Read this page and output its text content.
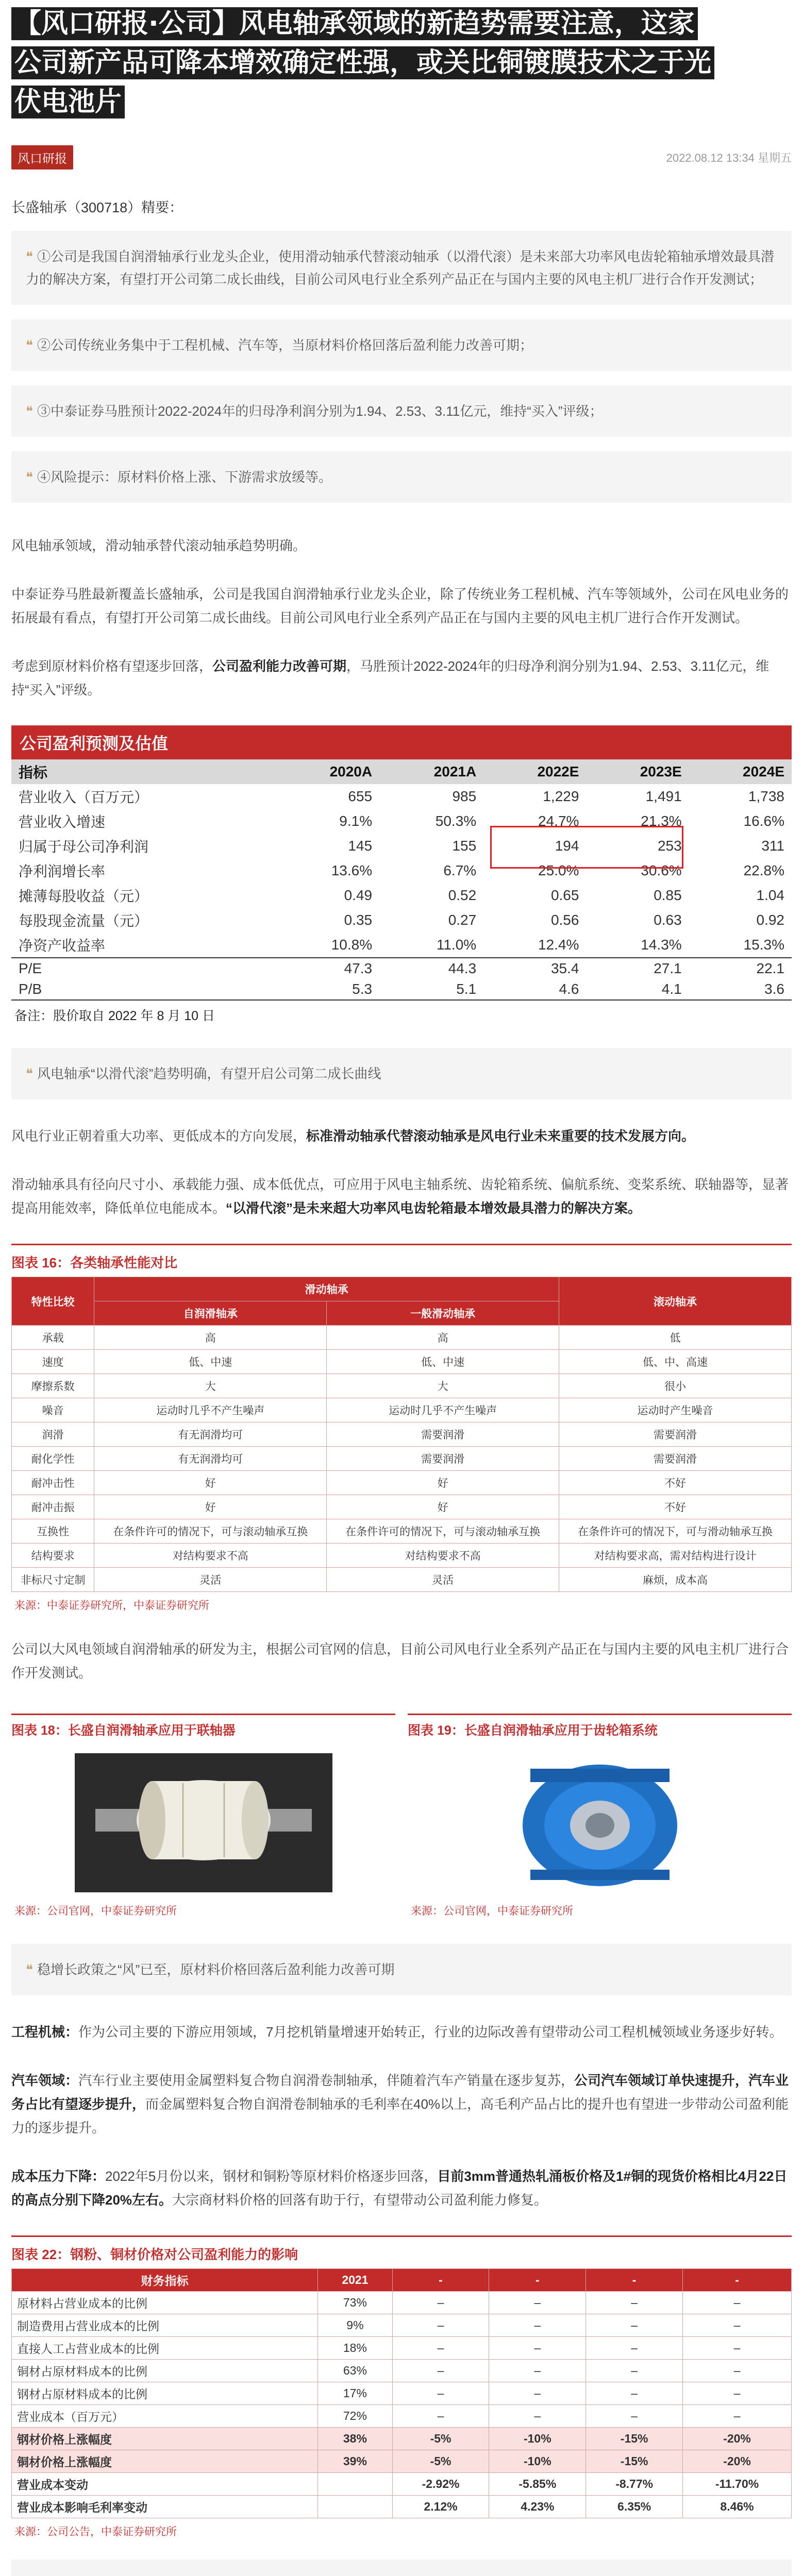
【风口研报·公司】风电轴承领域的新趋势需要注意，这家
公司新产品可降本增效确定性强，或关比铜镀膜技术之于光
伏电池片
风口研报	2022.08.12 13:34 星期五
长盛轴承（300718）精要：
❝ ①公司是我国自润滑轴承行业龙头企业，使用滑动轴承代替滚动轴承（以滑代滚）是未来部大功率风电齿轮箱轴承增效最具潜力的解决方案，有望打开公司第二成长曲线，目前公司风电行业全系列产品正在与国内主要的风电主机厂进行合作开发测试；
❝ ②公司传统业务集中于工程机械、汽车等，当原材料价格回落后盈利能力改善可期；
❝ ③中泰证券马胜预计2022-2024年的归母净利润分别为1.94、2.53、3.11亿元，维持“买入”评级；
❝ ④风险提示：原材料价格上涨、下游需求放缓等。
风电轴承领域，滑动轴承替代滚动轴承趋势明确。
中泰证券马胜最新覆盖长盛轴承，公司是我国自润滑轴承行业龙头企业，除了传统业务工程机械、汽车等领域外，公司在风电业务的拓展最有看点，有望打开公司第二成长曲线。目前公司风电行业全系列产品正在与国内主要的风电主机厂进行合作开发测试。
考虑到原材料价格有望逐步回落，公司盈利能力改善可期，马胜预计2022-2024年的归母净利润分别为1.94、2.53、3.11亿元，维持“买入”评级。
公司盈利预测及估值
指标	2020A	2021A	2022E	2023E	2024E
营业收入（百万元）	655	985	1,229	1,491	1,738
营业收入增速	9.1%	50.3%	24.7%	21.3%	16.6%
归属于母公司净利润	145	155	194	253	311
净利润增长率	13.6%	6.7%	25.0%	30.6%	22.8%
摊薄每股收益（元）	0.49	0.52	0.65	0.85	1.04
每股现金流量（元）	0.35	0.27	0.56	0.63	0.92
净资产收益率	10.8%	11.0%	12.4%	14.3%	15.3%
P/E	47.3	44.3	35.4	27.1	22.1
P/B	5.3	5.1	4.6	4.1	3.6
备注：股价取自 2022 年 8 月 10 日
❝ 风电轴承“以滑代滚”趋势明确，有望开启公司第二成长曲线
风电行业正朝着重大功率、更低成本的方向发展，标准滑动轴承代替滚动轴承是风电行业未来重要的技术发展方向。
滑动轴承具有径向尺寸小、承载能力强、成本低优点，可应用于风电主轴系统、齿轮箱系统、偏航系统、变桨系统、联轴器等，显著提高用能效率，降低单位电能成本。“以滑代滚”是未来超大功率风电齿轮箱最本增效最具潜力的解决方案。
图表 16：各类轴承性能对比
特性比较	滑动轴承		滚动轴承
	自润滑轴承	一般滑动轴承	
承载	高	高	低
速度	低、中速	低、中速	低、中、高速
摩擦系数	大	大	很小
噪音	运动时几乎不产生噪声	运动时几乎不产生噪声	运动时产生噪音
润滑	有无润滑均可	需要润滑	需要润滑
耐化学性	有无润滑均可	需要润滑	需要润滑
耐冲击性	好	好	不好
耐冲击振	好	好	不好
互换性	在条件许可的情况下，可与滚动轴承互换	在条件许可的情况下，可与滚动轴承互换	在条件许可的情况下，可与滑动轴承互换
结构要求	对结构要求不高	对结构要求不高	对结构要求高，需对结构进行设计
非标尺寸定制	灵活	灵活	麻烦，成本高
来源：中泰证券研究所，中泰证券研究所
公司以大风电领域自润滑轴承的研发为主，根据公司官网的信息，目前公司风电行业全系列产品正在与国内主要的风电主机厂进行合作开发测试。
图表 18：长盛自润滑轴承应用于联轴器
来源：公司官网，中泰证券研究所
图表 19：长盛自润滑轴承应用于齿轮箱系统
来源：公司官网，中泰证券研究所
❝ 稳增长政策之“风”已至，原材料价格回落后盈利能力改善可期
工程机械：作为公司主要的下游应用领域，7月挖机销量增速开始转正，行业的边际改善有望带动公司工程机械领域业务逐步好转。
汽车领域：汽车行业主要使用金属塑料复合物自润滑卷制轴承，伴随着汽车产销量在逐步复苏，公司汽车领域订单快速提升，汽车业务占比有望逐步提升，而金属塑料复合物自润滑卷制轴承的毛利率在40%以上，高毛利产品占比的提升也有望进一步带动公司盈利能力的逐步提升。
成本压力下降：2022年5月份以来，钢材和铜粉等原材料价格逐步回落，目前3mm普通热轧涌板价格及1#铜的现货价格相比4月22日的高点分别下降20%左右。大宗商材料价格的回落有助于行，有望带动公司盈利能力修复。
图表 22：钢粉、铜材价格对公司盈利能力的影响
财务指标	2021	-	-	-	-
原材料占营业成本的比例	73%	–	–	–	–
制造费用占营业成本的比例	9%	–	–	–	–
直接人工占营业成本的比例	18%	–	–	–	–
铜材占原材料成本的比例	63%	–	–	–	–
钢材占原材料成本的比例	17%	–	–	–	–
营业成本（百万元）	72%	–	–	–	–
钢材价格上涨幅度	38%	-5%	-10%	-15%	-20%
铜材价格上涨幅度	39%	-5%	-10%	-15%	-20%
营业成本变动		-2.92%	-5.85%	-8.77%	-11.70%
营业成本影响毛利率变动		2.12%	4.23%	6.35%	8.46%
来源：公司公告，中泰证券研究所
